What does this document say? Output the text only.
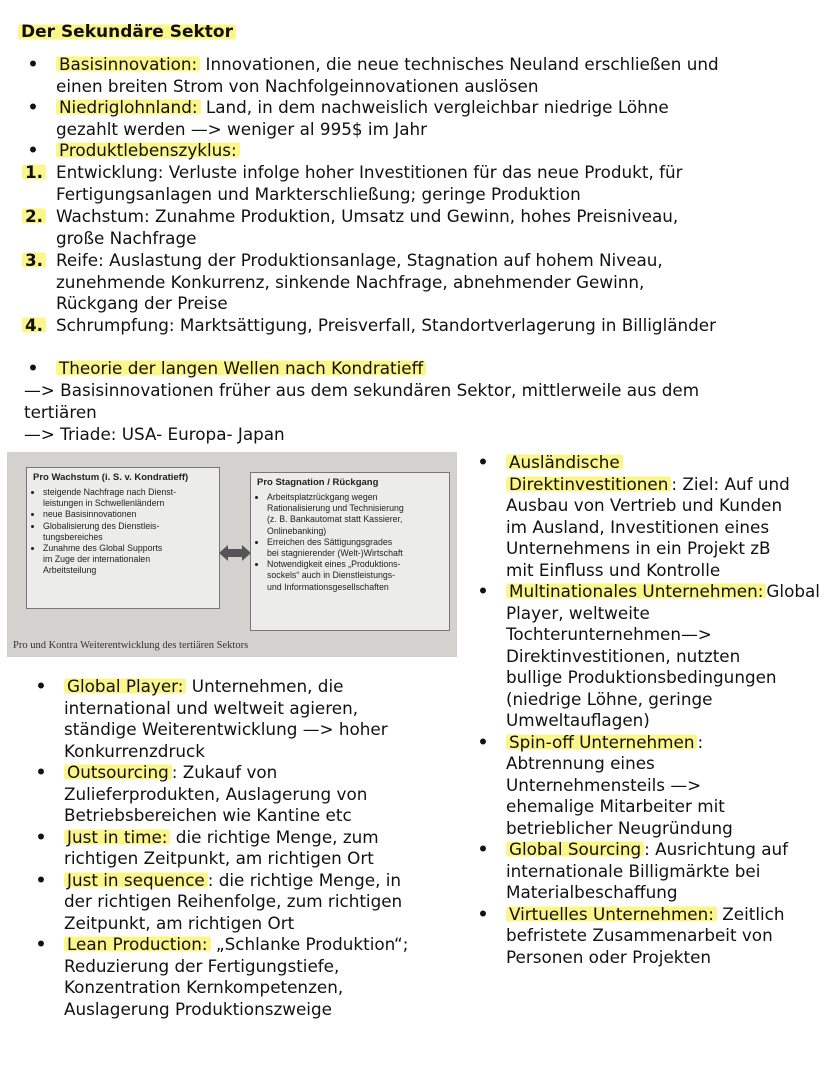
Der Sekundäre Sektor
•	Basisinnovation: Innovationen, die neue technisches Neuland erschließen und
einen breiten Strom von Nachfolgeinnovationen auslösen
•	Niedriglohnland: Land, in dem nachweislich vergleichbar niedrige Löhne
gezahlt werden —> weniger al 995$ im Jahr
•	Produktlebenszyklus:
1. Entwicklung: Verluste infolge hoher Investitionen für das neue Produkt, für
Fertigungsanlagen und Markterschließung; geringe Produktion
2. Wachstum: Zunahme Produktion, Umsatz und Gewinn, hohes Preisniveau,
große Nachfrage
3. Reife: Auslastung der Produktionsanlage, Stagnation auf hohem Niveau,
zunehmende Konkurrenz, sinkende Nachfrage, abnehmender Gewinn,
Rückgang der Preise
4. Schrumpfung: Marktsättigung, Preisverfall, Standortverlagerung in Billigländer
•	Theorie der langen Wellen nach Kondratieff
—> Basisinnovationen früher aus dem sekundären Sektor, mittlerweile aus dem
tertiären
—> Triade: USA- Europa- Japan
Pro Wachstum (i. S. v. Kondratieff)
• steigende Nachfrage nach Dienst-
leistungen in Schwellenländern
• neue Basisinnovationen
• Globalisierung des Dienstleis-
tungsbereiches
• Zunahme des Global Supports
im Zuge der internationalen
Arbeitsteilung
Pro Stagnation / Rückgang
• Arbeitsplatzrückgang wegen
Rationalisierung und Technisierung
(z. B. Bankautomat statt Kassierer,
Onlinebanking)
• Erreichen des Sättigungsgrades
bei stagnierender (Welt-)Wirtschaft
• Notwendigkeit eines „Produktions-
sockels“ auch in Dienstleistungs-
und Informationsgesellschaften
Pro und Kontra Weiterentwicklung des tertiären Sektors
•	Global Player: Unternehmen, die
international und weltweit agieren,
ständige Weiterentwicklung —> hoher
Konkurrenzdruck
•	Outsourcing : Zukauf von
Zulieferprodukten, Auslagerung von
Betriebsbereichen wie Kantine etc
•	Just in time: die richtige Menge, zum
richtigen Zeitpunkt, am richtigen Ort
•	Just in sequence : die richtige Menge, in
der richtigen Reihenfolge, zum richtigen
Zeitpunkt, am richtigen Ort
•	Lean Production: „Schlanke Produktion“;
Reduzierung der Fertigungstiefe,
Konzentration Kernkompetenzen,
Auslagerung Produktionszweige
•	Ausländische
Direktinvestitionen : Ziel: Auf und
Ausbau von Vertrieb und Kunden
im Ausland, Investitionen eines
Unternehmens in ein Projekt zB
mit Einfluss und Kontrolle
•	Multinationales Unternehmen: Global Player, weltweite
Tochterunternehmen—>
Direktinvestitionen, nutzten
bullige Produktionsbedingungen
(niedrige Löhne, geringe
Umweltauflagen)
•	Spin-off Unternehmen :
Abtrennung eines
Unternehmensteils —>
ehemalige Mitarbeiter mit
betrieblicher Neugründung
•	Global Sourcing : Ausrichtung auf
internationale Billigmärkte bei
Materialbeschaffung
•	Virtuelles Unternehmen: Zeitlich
befristete Zusammenarbeit von
Personen oder Projekten
